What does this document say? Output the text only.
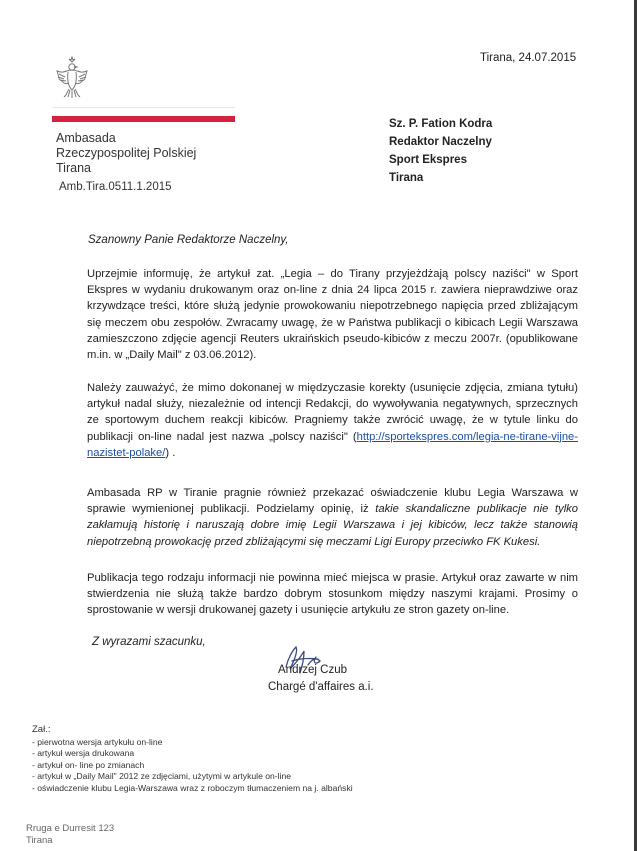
Tirana, 24.07.2015
Ambasada
Rzeczypospolitej Polskiej
Tirana
Amb.Tira.0511.1.2015
Sz. P. Fation Kodra
Redaktor Naczelny
Sport Ekspres
Tirana
Szanowny Panie Redaktorze Naczelny,
Uprzejmie informuję, że artykuł zat. „Legia – do Tirany przyjeżdżają polscy naziści" w Sport Ekspres w wydaniu drukowanym oraz on-line z dnia 24 lipca 2015 r. zawiera nieprawdziwe oraz krzywdzące treści, które służą jedynie prowokowaniu niepotrzebnego napięcia przed zbliżającym się meczem obu zespołów. Zwracamy uwagę, że w Państwa publikacji o kibicach Legii Warszawa zamieszczono zdjęcie agencji Reuters ukraińskich pseudo-kibiców z meczu 2007r. (opublikowane m.in. w „Daily Mail" z 03.06.2012).
Należy zauważyć, że mimo dokonanej w międzyczasie korekty (usunięcie zdjęcia, zmiana tytułu) artykuł nadal służy, niezależnie od intencji Redakcji, do wywoływania negatywnych, sprzecznych ze sportowym duchem reakcji kibiców. Pragniemy także zwrócić uwagę, że w tytule linku do publikacji on-line nadal jest nazwa „polscy naziści" (http://sportekspres.com/legia-ne-tirane-vijne-nazistet-polake/) .
Ambasada RP w Tiranie pragnie również przekazać oświadczenie klubu Legia Warszawa w sprawie wymienionej publikacji. Podzielamy opinię, iż takie skandaliczne publikacje nie tylko zakłamują historię i naruszają dobre imię Legii Warszawa i jej kibiców, lecz także stanowią niepotrzebną prowokację przed zbliżającymi się meczami Ligi Europy przeciwko FK Kukesi.
Publikacja tego rodzaju informacji nie powinna mieć miejsca w prasie. Artykuł oraz zawarte w nim stwierdzenia nie służą także bardzo dobrym stosunkom między naszymi krajami. Prosimy o sprostowanie w wersji drukowanej gazety i usunięcie artykułu ze stron gazety on-line.
Z wyrazami szacunku,
Andrzej Czub
Chargé d'affaires a.i.
Zał.:
- pierwotna wersja artykułu on-line
- artykuł wersja drukowana
- artykuł on- line po zmianach
- artykuł w „Daily Mail" 2012 ze zdjęciami, użytymi w artykule on-line
- oświadczenie klubu Legia-Warszawa wraz z roboczym tłumaczeniem na j. albański
Rruga e Durresit 123
Tirana
